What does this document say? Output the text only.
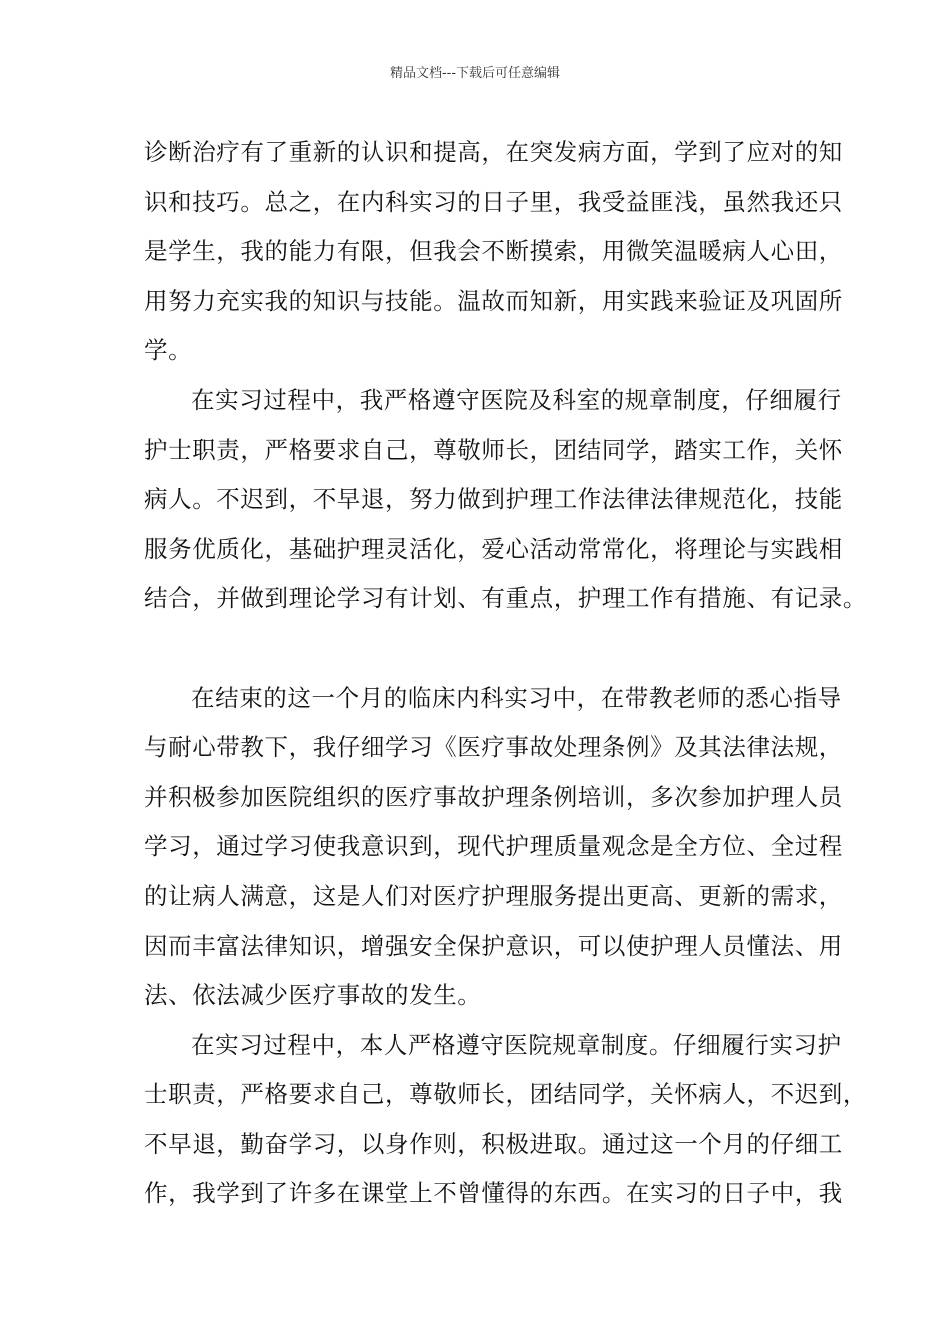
精品文档---下载后可任意编辑
诊断治疗有了重新的认识和提高，在突发病方面，学到了应对的知
识和技巧。总之，在内科实习的日子里，我受益匪浅，虽然我还只
是学生，我的能力有限，但我会不断摸索，用微笑温暖病人心田，
用努力充实我的知识与技能。温故而知新，用实践来验证及巩固所
学。
在实习过程中，我严格遵守医院及科室的规章制度，仔细履行
护士职责，严格要求自己，尊敬师长，团结同学，踏实工作，关怀
病人。不迟到，不早退，努力做到护理工作法律法律规范化，技能
服务优质化，基础护理灵活化，爱心活动常常化，将理论与实践相
结合，并做到理论学习有计划、有重点，护理工作有措施、有记录。
在结束的这一个月的临床内科实习中，在带教老师的悉心指导
与耐心带教下，我仔细学习《医疗事故处理条例》及其法律法规，
并积极参加医院组织的医疗事故护理条例培训，多次参加护理人员
学习，通过学习使我意识到，现代护理质量观念是全方位、全过程
的让病人满意，这是人们对医疗护理服务提出更高、更新的需求，
因而丰富法律知识，增强安全保护意识，可以使护理人员懂法、用
法、依法减少医疗事故的发生。
在实习过程中，本人严格遵守医院规章制度。仔细履行实习护
士职责，严格要求自己，尊敬师长，团结同学，关怀病人，不迟到，
不早退，勤奋学习，以身作则，积极进取。通过这一个月的仔细工
作，我学到了许多在课堂上不曾懂得的东西。在实习的日子中，我
